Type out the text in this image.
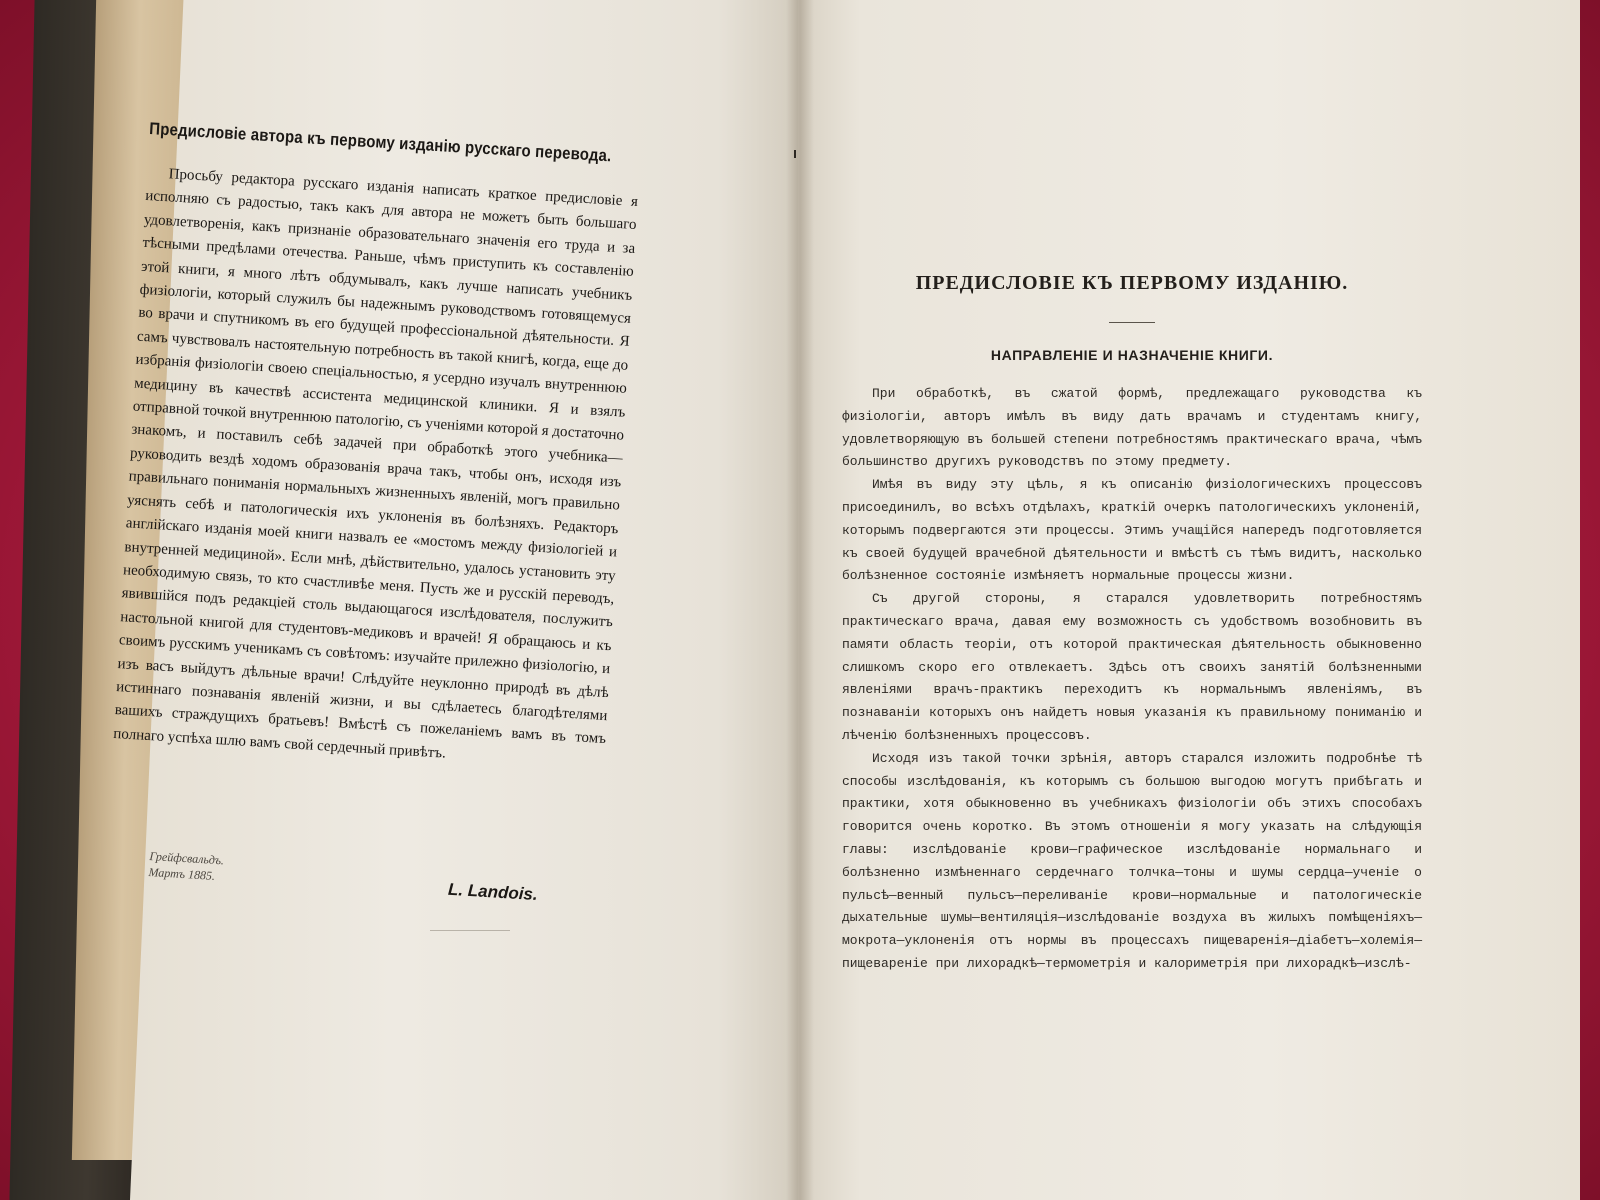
Предисловіе автора къ первому изданію русскаго перевода.

Просьбу редактора русскаго изданія написать краткое предисловіе я исполняю съ радостью, такъ какъ для автора не можетъ быть большаго удовлетворенія, какъ признаніе образовательнаго значенія его труда и за тѣсными предѣлами отечества. Раньше, чѣмъ приступить къ составленію этой книги, я много лѣтъ обдумывалъ, какъ лучше написать учебникъ физіологіи, который служилъ бы надежнымъ руководствомъ готовящемуся во врачи и спутникомъ въ его будущей профессіональной дѣятельности. Я самъ чувствовалъ настоятельную потребность въ такой книгѣ, когда, еще до избранія физіологіи своею спеціальностью, я усердно изучалъ внутреннюю медицину въ качествѣ ассистента медицинской клиники. Я и взялъ отправной точкой внутреннюю патологію, съ ученіями которой я достаточно знакомъ, и поставилъ себѣ задачей при обработкѣ этого учебника—руководить вездѣ ходомъ образованія врача такъ, чтобы онъ, исходя изъ правильнаго пониманія нормальныхъ жизненныхъ явленій, могъ правильно уяснять себѣ и патологическія ихъ уклоненія въ болѣзняхъ. Редакторъ англійскаго изданія моей книги назвалъ ее «мостомъ между физіологіей и внутренней медициной». Если мнѣ, дѣйствительно, удалось установить эту необходимую связь, то кто счастливѣе меня. Пусть же и русскій переводъ, явившійся подъ редакціей столь выдающагося изслѣдователя, послужитъ настольной книгой для студентовъ-медиковъ и врачей! Я обращаюсь и къ своимъ русскимъ ученикамъ съ совѣтомъ: изучайте прилежно физіологію, и изъ васъ выйдутъ дѣльные врачи! Слѣдуйте неуклонно природѣ въ дѣлѣ истиннаго познаванія явленій жизни, и вы сдѣлаетесь благодѣтелями вашихъ страждущихъ братьевъ! Вмѣстѣ съ пожеланіемъ вамъ въ томъ полнаго успѣха шлю вамъ свой сердечный привѣтъ.

Грейфсвальдъ.
Мартъ 1885.

L. Landois.

ПРЕДИСЛОВІЕ КЪ ПЕРВОМУ ИЗДАНІЮ.
НАПРАВЛЕНІЕ И НАЗНАЧЕНІЕ КНИГИ.

При обработкѣ, въ сжатой формѣ, предлежащаго руководства къ физіологіи, авторъ имѣлъ въ виду дать врачамъ и студентамъ книгу, удовлетворяющую въ большей степени потребностямъ практическаго врача, чѣмъ большинство другихъ руководствъ по этому предмету.

Имѣя въ виду эту цѣль, я къ описанію физіологическихъ процессовъ присоединилъ, во всѣхъ отдѣлахъ, краткій очеркъ патологическихъ уклоненій, которымъ подвергаются эти процессы. Этимъ учащійся напередъ подготовляется къ своей будущей врачебной дѣятельности и вмѣстѣ съ тѣмъ видитъ, насколько болѣзненное состояніе измѣняетъ нормальные процессы жизни.

Съ другой стороны, я старался удовлетворить потребностямъ практическаго врача, давая ему возможность съ удобствомъ возобновить въ памяти область теоріи, отъ которой практическая дѣятельность обыкновенно слишкомъ скоро его отвлекаетъ. Здѣсь отъ своихъ занятій болѣзненными явленіями врачъ-практикъ переходитъ къ нормальнымъ явленіямъ, въ познаваніи которыхъ онъ найдетъ новыя указанія къ правильному пониманію и лѣченію болѣзненныхъ процессовъ.

Исходя изъ такой точки зрѣнія, авторъ старался изложить подробнѣе тѣ способы изслѣдованія, къ которымъ съ большою выгодою могутъ прибѣгать и практики, хотя обыкновенно въ учебникахъ физіологіи объ этихъ способахъ говорится очень коротко. Въ этомъ отношеніи я могу указать на слѣдующія главы: изслѣдованіе крови—графическое изслѣдованіе нормальнаго и болѣзненно измѣненнаго сердечнаго толчка—тоны и шумы сердца—ученіе о пульсѣ—венный пульсъ—переливаніе крови—нормальные и патологическіе дыхательные шумы—вентиляція—изслѣдованіе воздуха въ жилыхъ помѣщеніяхъ—мокрота—уклоненія отъ нормы въ процессахъ пищеваренія—діабетъ—холемія—пищевареніе при лихорадкѣ—термометрія и калориметрія при лихорадкѣ—изслѣ-
